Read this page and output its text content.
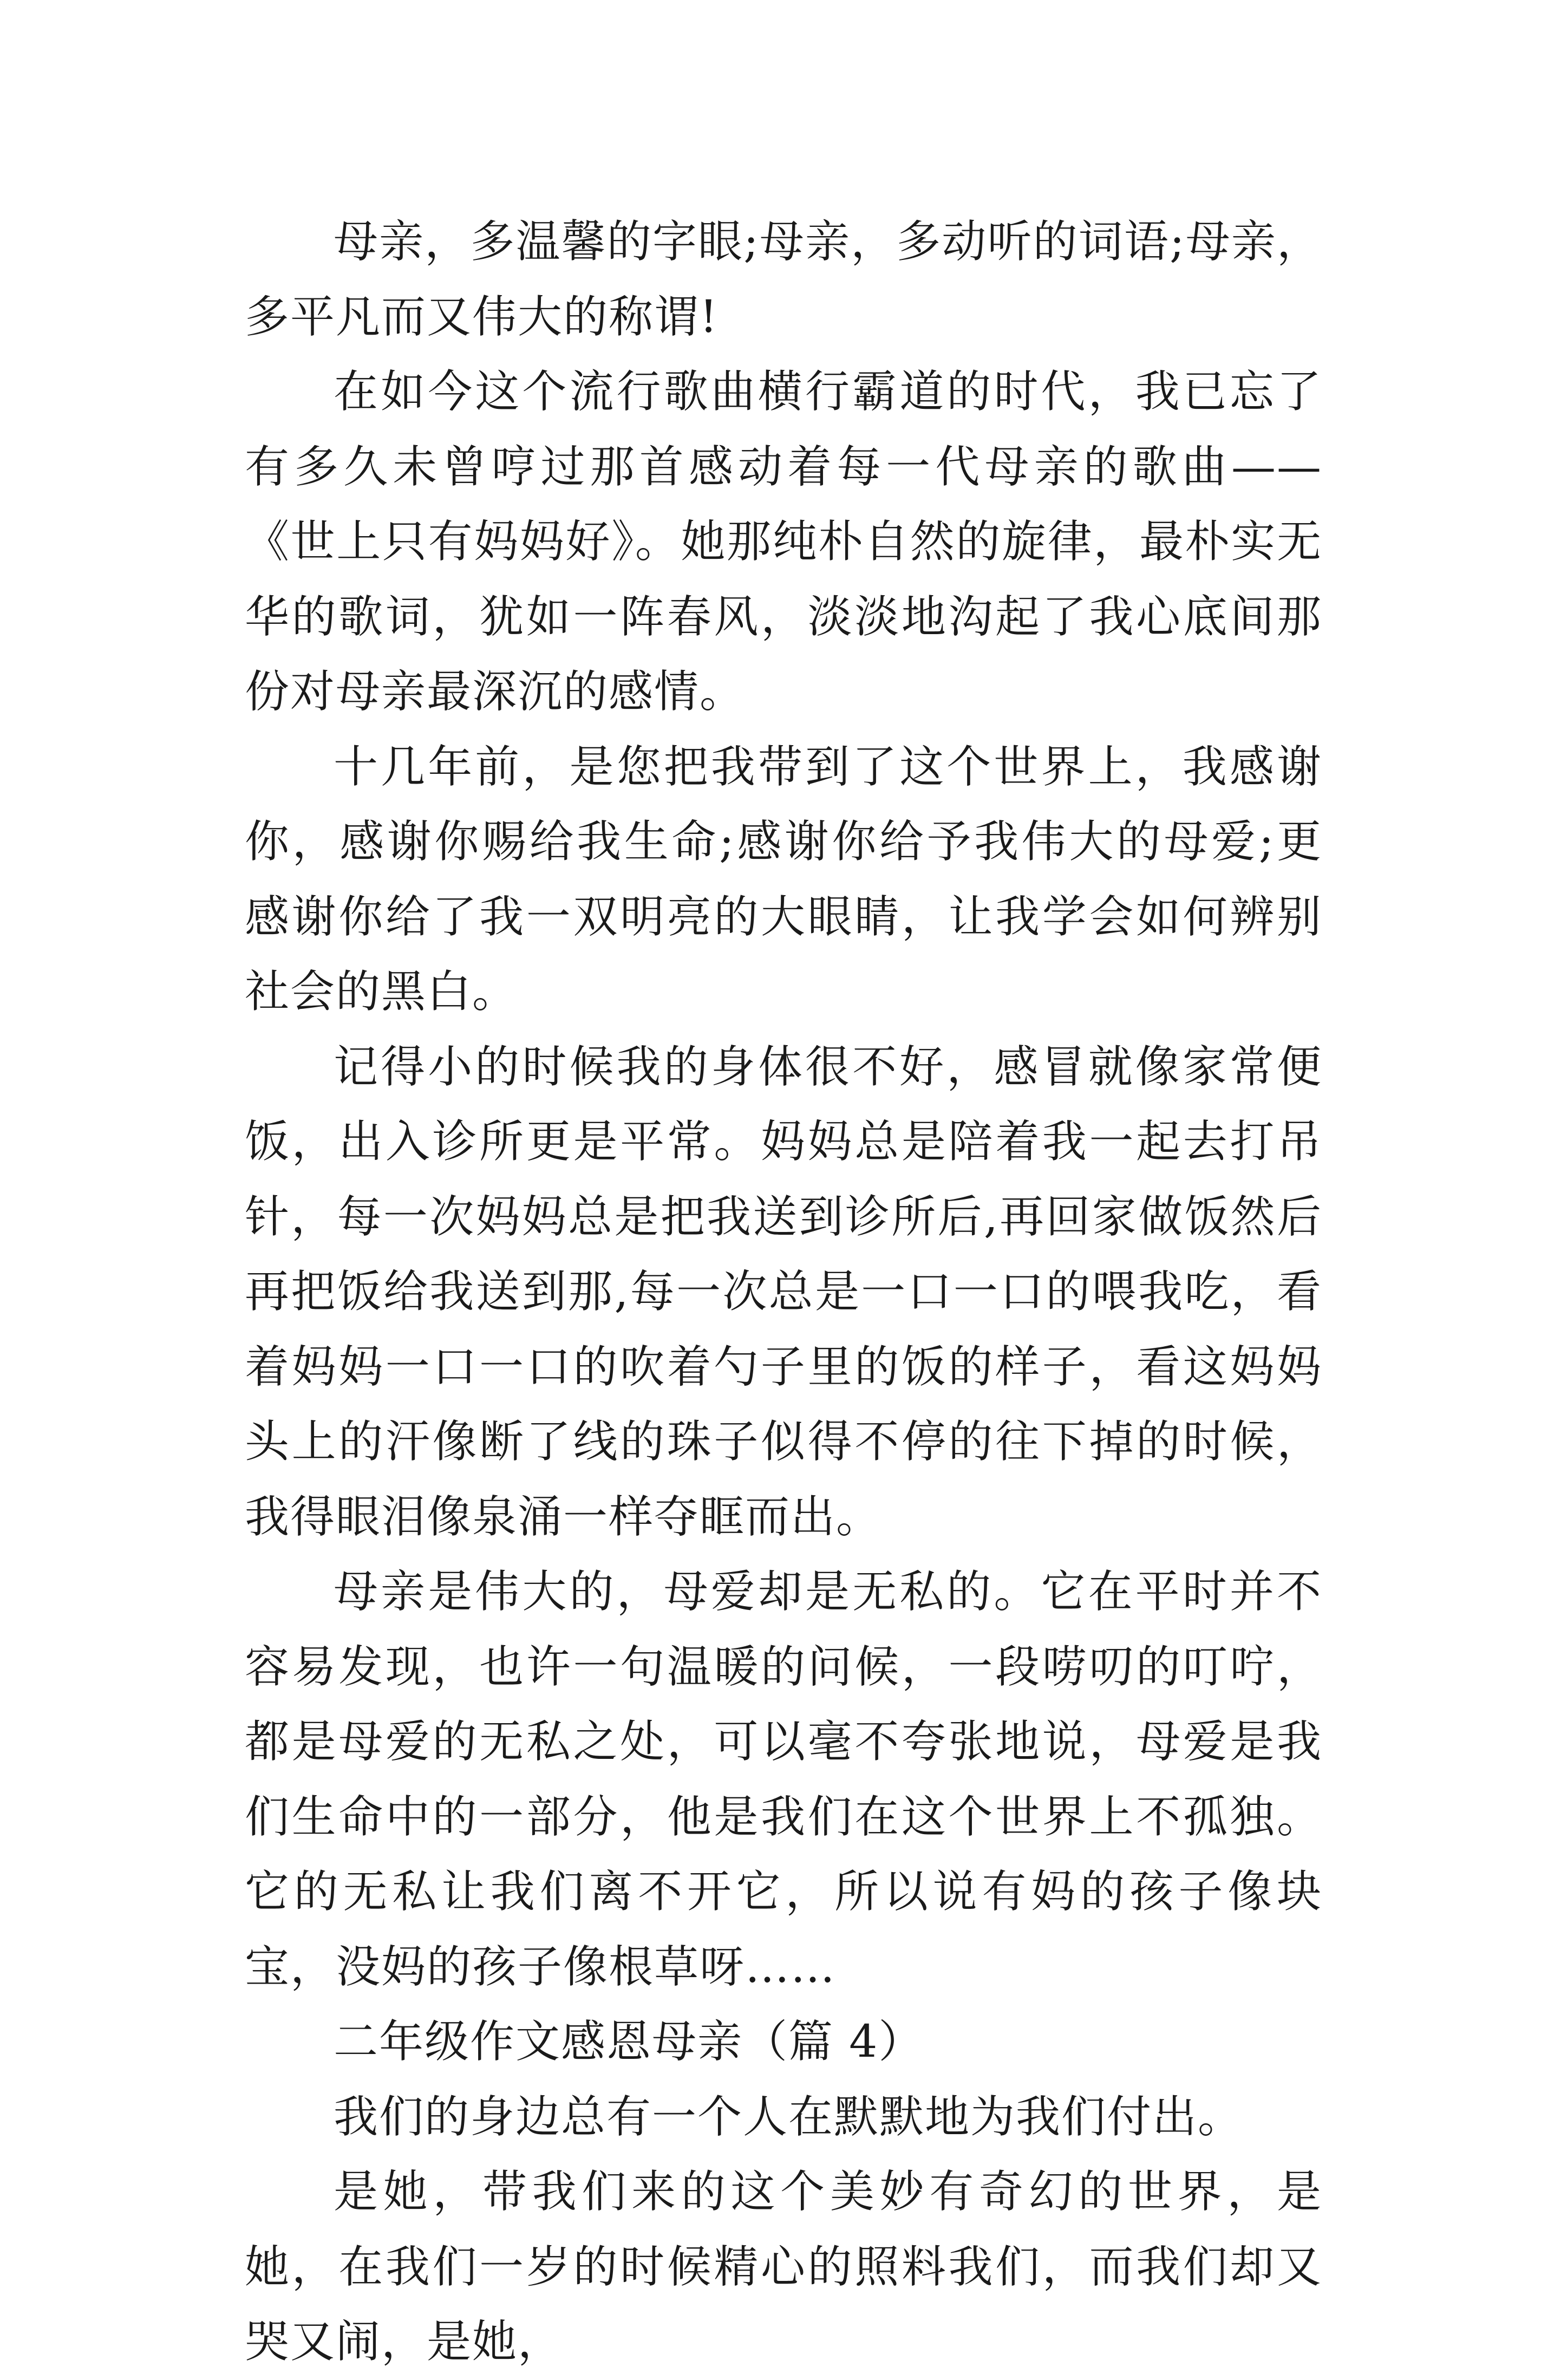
母亲，多温馨的字眼;母亲，多动听的词语;母亲，多平凡而又伟大的称谓!

在如今这个流行歌曲横行霸道的时代，我已忘了有多久未曾哼过那首感动着每一代母亲的歌曲——《世上只有妈妈好》。她那纯朴自然的旋律，最朴实无华的歌词，犹如一阵春风，淡淡地沟起了我心底间那份对母亲最深沉的感情。

十几年前，是您把我带到了这个世界上，我感谢你，感谢你赐给我生命;感谢你给予我伟大的母爱;更感谢你给了我一双明亮的大眼睛，让我学会如何辨别社会的黑白。

记得小的时候我的身体很不好，感冒就像家常便饭，出入诊所更是平常。妈妈总是陪着我一起去打吊针，每一次妈妈总是把我送到诊所后,再回家做饭然后再把饭给我送到那,每一次总是一口一口的喂我吃，看着妈妈一口一口的吹着勺子里的饭的样子，看这妈妈头上的汗像断了线的珠子似得不停的往下掉的时候，我得眼泪像泉涌一样夺眶而出。

母亲是伟大的，母爱却是无私的。它在平时并不容易发现，也许一句温暖的问候，一段唠叨的叮咛，都是母爱的无私之处，可以毫不夸张地说，母爱是我们生命中的一部分，他是我们在这个世界上不孤独。它的无私让我们离不开它，所以说有妈的孩子像块宝，没妈的孩子像根草呀……

二年级作文感恩母亲（篇 4）

我们的身边总有一个人在默默地为我们付出。

是她，带我们来的这个美妙有奇幻的世界，是她，在我们一岁的时候精心的照料我们，而我们却又哭又闹，是她，
